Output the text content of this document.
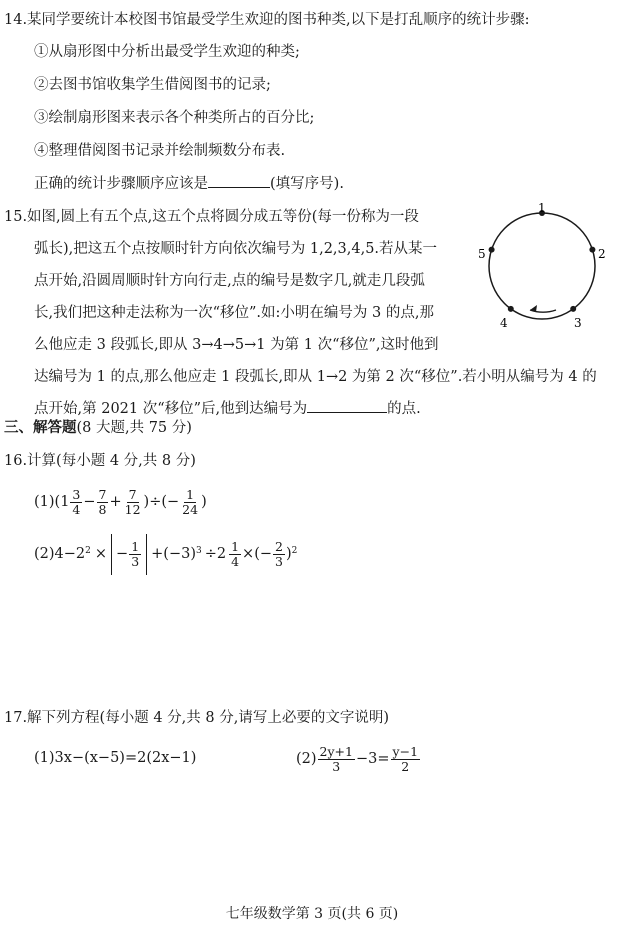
14.某同学要统计本校图书馆最受学生欢迎的图书种类,以下是打乱顺序的统计步骤:
①从扇形图中分析出最受学生欢迎的种类;
②去图书馆收集学生借阅图书的记录;
③绘制扇形图来表示各个种类所占的百分比;
④整理借阅图书记录并绘制频数分布表.
正确的统计步骤顺序应该是	(填写序号).
15.如图,圆上有五个点,这五个点将圆分成五等份(每一份称为一段
弧长),把这五个点按顺时针方向依次编号为 1,2,3,4,5.若从某一
点开始,沿圆周顺时针方向行走,点的编号是数字几,就走几段弧
长,我们把这种走法称为一次“移位”.如:小明在编号为 3 的点,那
么他应走 3 段弧长,即从 3→4→5→1 为第 1 次“移位”,这时他到
达编号为 1 的点,那么他应走 1 段弧长,即从 1→2 为第 2 次“移位”.若小明从编号为 4 的
点开始,第 2021 次“移位”后,他到达编号为	的点.
1
2
3
4
5
三、解答题(8 大题,共 75 分)
16.计算(每小题 4 分,共 8 分)
$(1)(1 \frac{3}{4} - \frac{7}{8} + \frac{7}{12}$ )÷(− $\frac{1}{24}$ )
$(2)4-2^2$ × − $\frac{1}{3} +(-3)^3 \div 2 \frac{1}{4}$ ×(− $\frac{2}{3} )^2$
17.解下列方程(每小题 4 分,共 8 分,请写上必要的文字说明)
(1)3x−(x−5)=2(2x−1)	$(2) \frac{2y+1}{3} -3= \frac{y-1}{2}$
七年级数学第 3 页(共 6 页)
